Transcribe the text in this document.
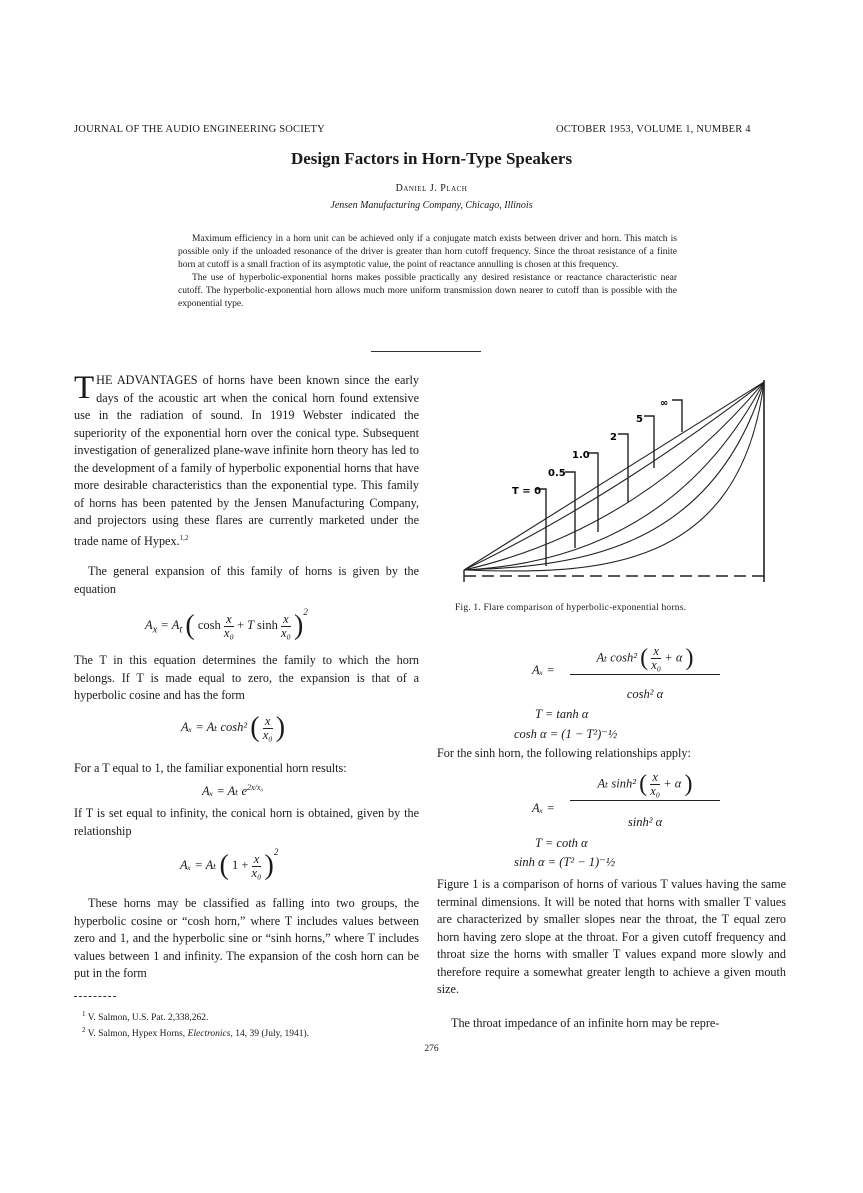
JOURNAL OF THE AUDIO ENGINEERING SOCIETY	OCTOBER 1953, VOLUME 1, NUMBER 4
Design Factors in Horn-Type Speakers
Daniel J. Plach
Jensen Manufacturing Company, Chicago, Illinois

Maximum efficiency in a horn unit can be achieved only if a conjugate match exists between driver and horn. This match is possible only if the unloaded resonance of the driver is greater than horn cutoff frequency. Since the throat resistance of a finite horn at cutoff is a small fraction of its asymptotic value, the point of reactance annulling is chosen at this frequency.

The use of hyperbolic-exponential horns makes possible practically any desired resistance or reactance characteristic near cutoff. The hyperbolic-exponential horn allows much more uniform transmission down nearer to cutoff than is possible with the exponential type.

THE ADVANTAGES of horns have been known since the early days of the acoustic art when the conical horn found extensive use in the radiation of sound. In 1919 Webster indicated the superiority of the exponential horn over the conical type. Subsequent investigation of generalized plane-wave infinite horn theory has led to the development of a family of hyperbolic exponential horns that have more desirable characteristics than the exponential type. This family of horns has been patented by the Jensen Manufacturing Company, and projectors using these flares are currently marketed under the trade name of Hypex.$^{1,2}$
The general expansion of this family of horns is given by the equation
$A_x = A_t$ ( $\cosh \frac{x}{\text{x₀}} + T$ $\sinh \frac{x}{\text{x₀}} )^2$
The T in this equation determines the family to which the horn belongs. If T is made equal to zero, the expansion is that of a hyperbolic cosine and has the form
Aₓ = Aₜ cosh² ( $\frac{x}{\text{x₀}}$ )
For a T equal to 1, the familiar exponential horn results:
Aₓ = Aₜ $e^{2x/x_0}$
If T is set equal to infinity, the conical horn is obtained, given by the relationship
Aₓ = Aₜ ( $1 + \frac{x}{\text{x₀}} )^2$
These horns may be classified as falling into two groups, the hyperbolic cosine or “cosh horn,” where T includes values between zero and 1, and the hyperbolic sine or “sinh horns,” where T includes values between 1 and infinity. The expansion of the cosh horn can be put in the form

$^1$ V. Salmon, U.S. Pat. 2,338,262.

$^2$ V. Salmon, Hypex Horns, Electronics, 14, 39 (July, 1941).

276
T = 0
0.5
1.0
2
5
∞
Fig. 1. Flare comparison of hyperbolic-exponential horns.
Aₓ =
Aₜ cosh² ( $\frac{x}{\text{x₀}} + \alpha$ )
cosh² α
T = tanh α
cosh α = (1 − T²)⁻½
For the sinh horn, the following relationships apply:
Aₓ =
Aₜ sinh² ( $\frac{x}{\text{x₀}} + \alpha$ )
sinh² α
T = coth α
sinh α = (T² − 1)⁻½
Figure 1 is a comparison of horns of various T values having the same terminal dimensions. It will be noted that horns with smaller T values are characterized by smaller slopes near the throat, the T equal zero horn having zero slope at the throat. For a given cutoff frequency and throat size the horns with smaller T values expand more slowly and therefore require a somewhat greater length to achieve a given mouth size.
The throat impedance of an infinite horn may be repre-
